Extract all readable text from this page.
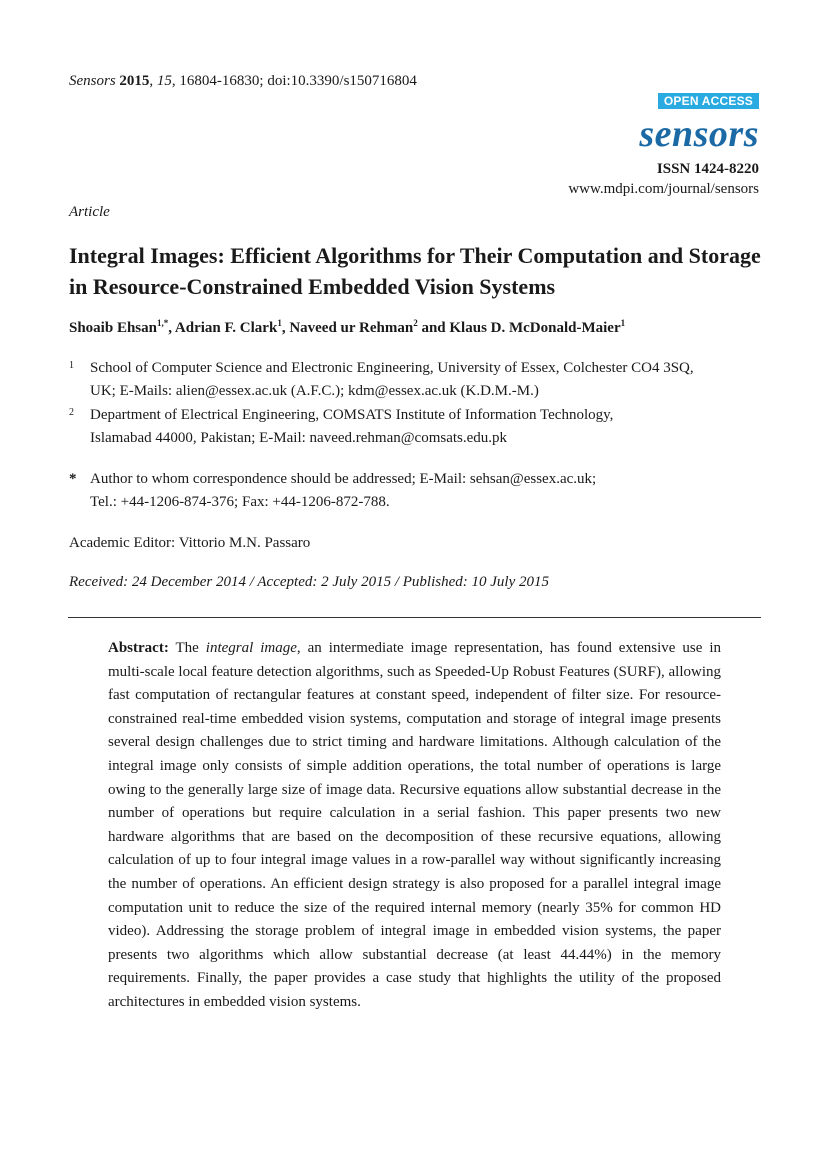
Sensors 2015, 15, 16804-16830; doi:10.3390/s150716804
OPEN ACCESS
sensors
ISSN 1424-8220
www.mdpi.com/journal/sensors
Article
Integral Images: Efficient Algorithms for Their Computation and Storage in Resource-Constrained Embedded Vision Systems
Shoaib Ehsan$^{1,*}$, Adrian F. Clark$^1$, Naveed ur Rehman$^2$ and Klaus D. McDonald-Maier$^1$
1 School of Computer Science and Electronic Engineering, University of Essex, Colchester CO4 3SQ,
UK; E-Mails: alien@essex.ac.uk (A.F.C.); kdm@essex.ac.uk (K.D.M.-M.)
2 Department of Electrical Engineering, COMSATS Institute of Information Technology,
Islamabad 44000, Pakistan; E-Mail: naveed.rehman@comsats.edu.pk
* Author to whom correspondence should be addressed; E-Mail: sehsan@essex.ac.uk;
Tel.: +44-1206-874-376; Fax: +44-1206-872-788.
Academic Editor: Vittorio M.N. Passaro
Received: 24 December 2014 / Accepted: 2 July 2015 / Published: 10 July 2015
Abstract: The integral image, an intermediate image representation, has found extensive use in multi-scale local feature detection algorithms, such as Speeded-Up Robust Features (SURF), allowing fast computation of rectangular features at constant speed, independent of filter size. For resource-constrained real-time embedded vision systems, computation and storage of integral image presents several design challenges due to strict timing and hardware limitations. Although calculation of the integral image only consists of simple addition operations, the total number of operations is large owing to the generally large size of image data. Recursive equations allow substantial decrease in the number of operations but require calculation in a serial fashion. This paper presents two new hardware algorithms that are based on the decomposition of these recursive equations, allowing calculation of up to four integral image values in a row-parallel way without significantly increasing the number of operations. An efficient design strategy is also proposed for a parallel integral image computation unit to reduce the size of the required internal memory (nearly 35% for common HD video). Addressing the storage problem of integral image in embedded vision systems, the paper presents two algorithms which allow substantial decrease (at least 44.44%) in the memory requirements. Finally, the paper provides a case study that highlights the utility of the proposed architectures in embedded vision systems.
